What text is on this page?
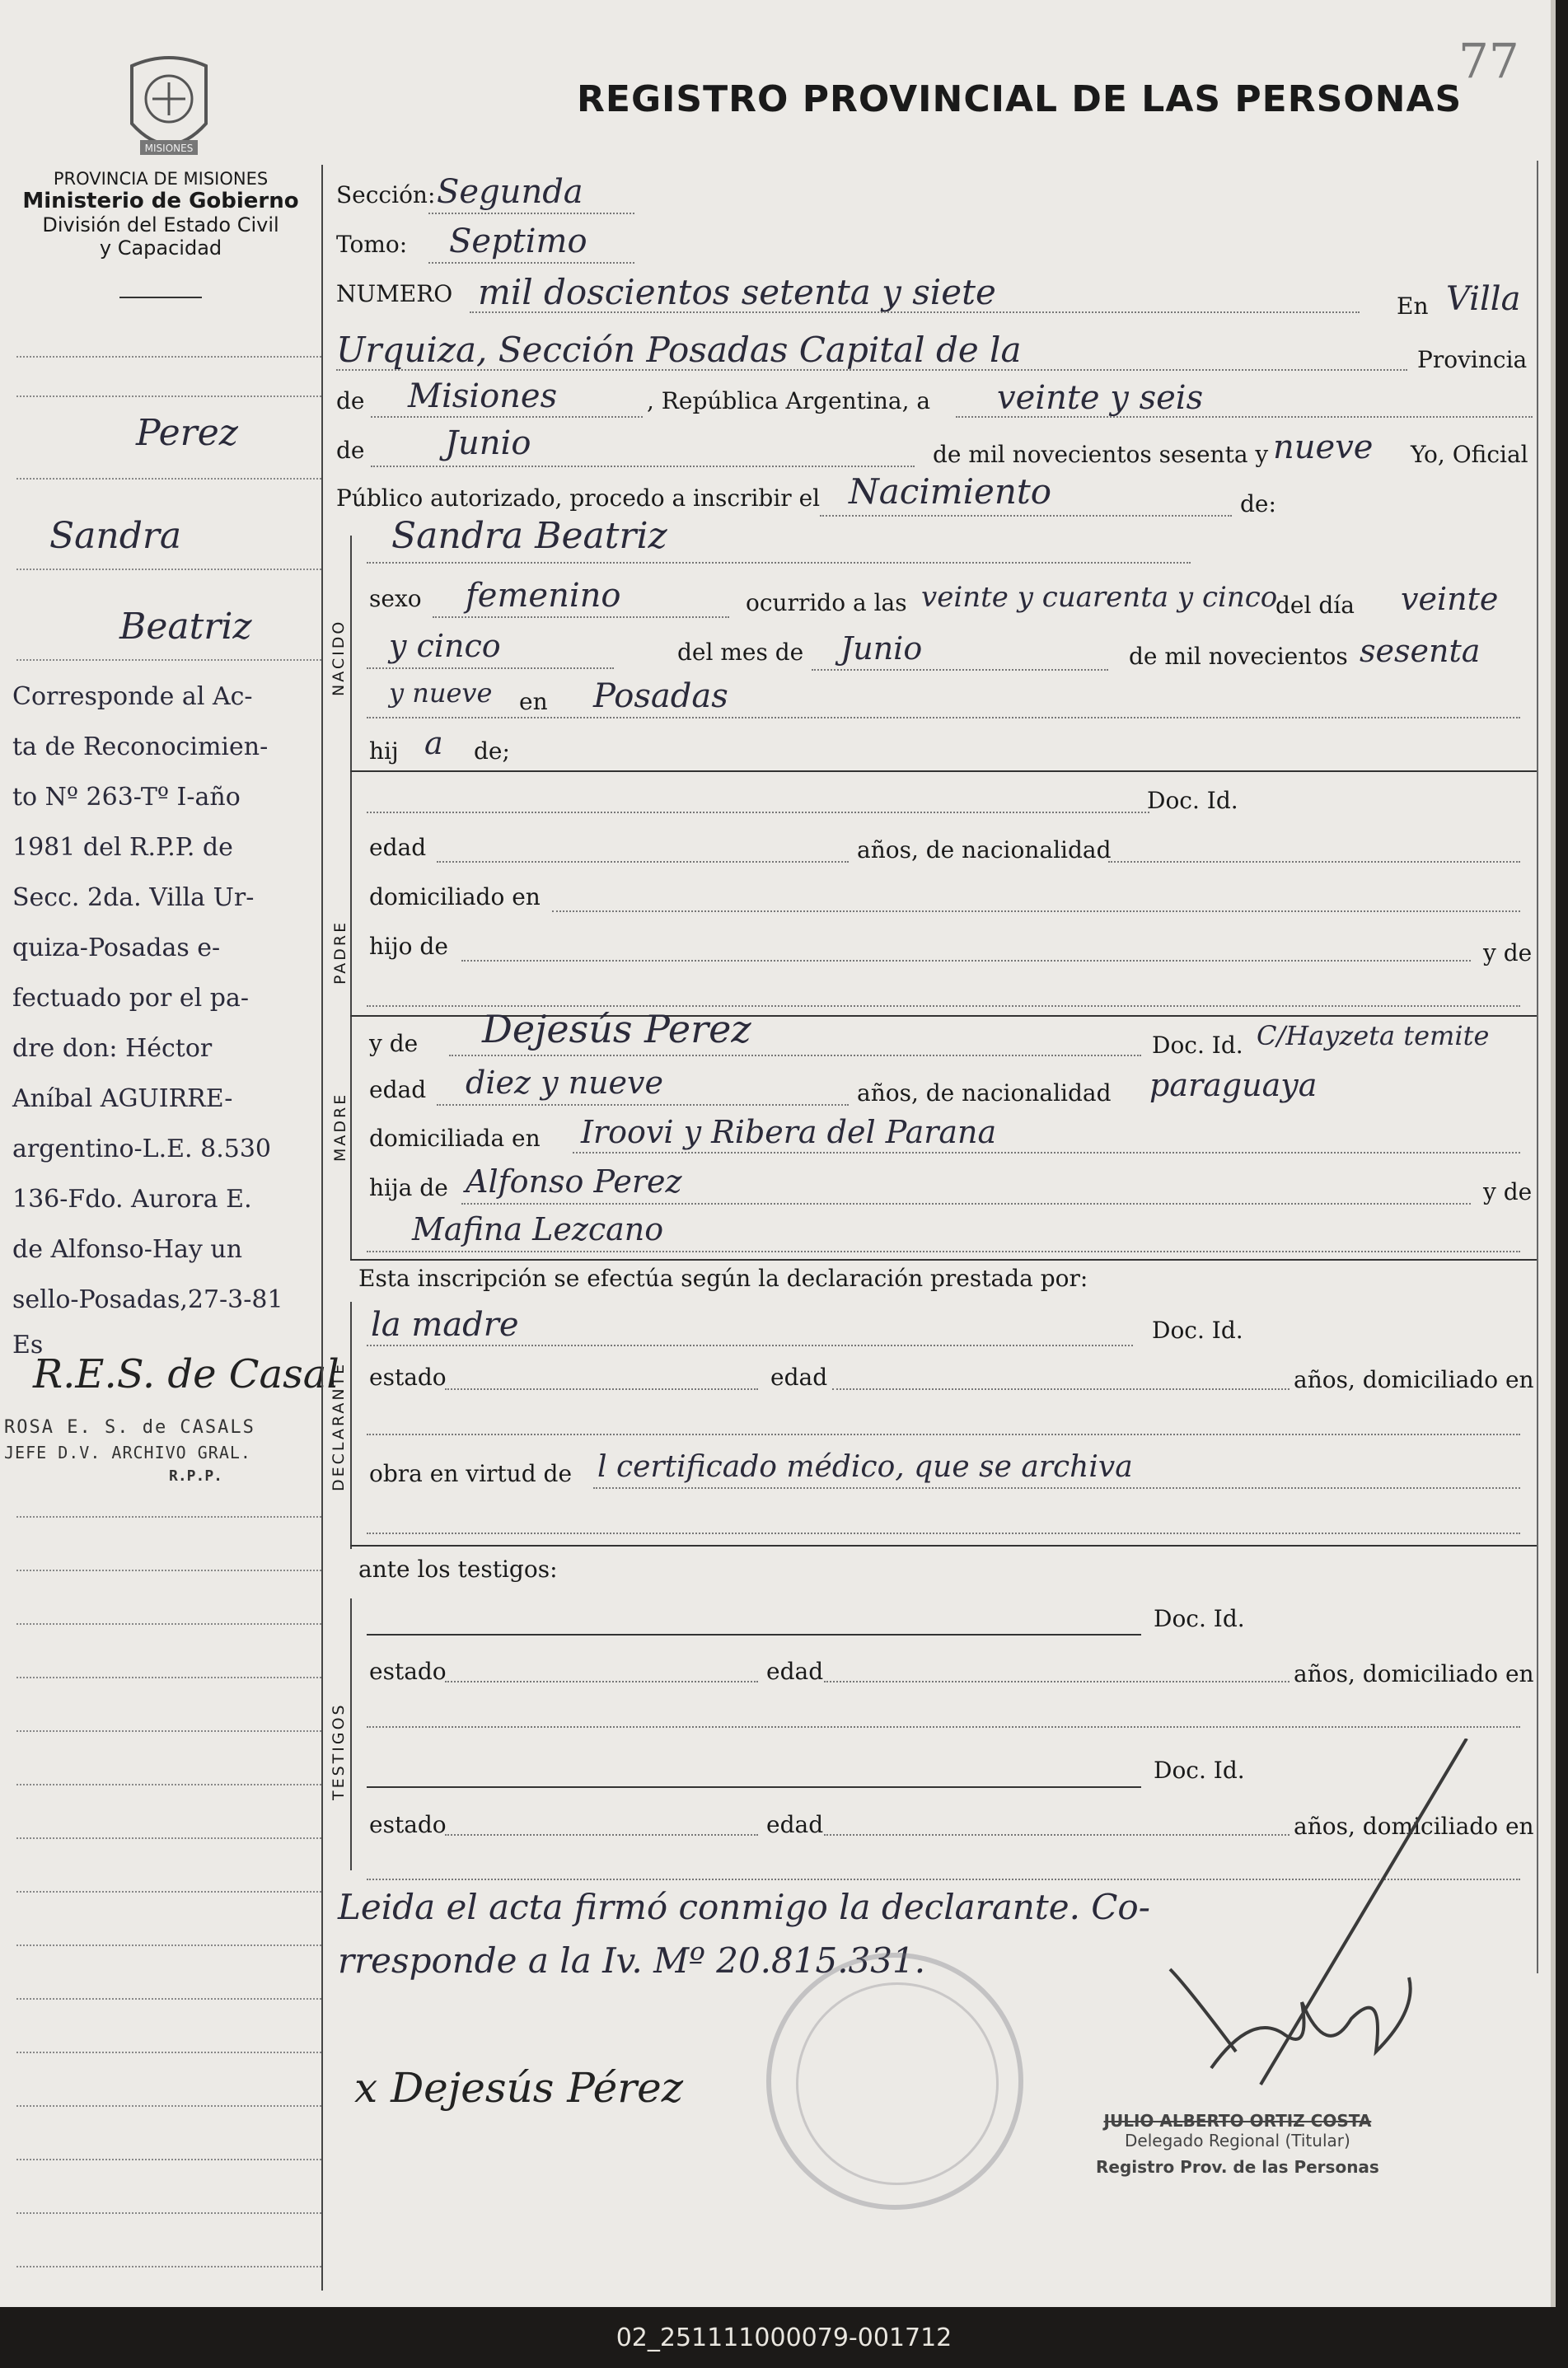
77
MISIONES
REGISTRO PROVINCIAL DE LAS PERSONAS
PROVINCIA DE MISIONES
Ministerio de Gobierno
División del Estado Civil
y Capacidad
Perez
Sandra
Beatriz
Corresponde al Ac-
ta de Reconocimien-
to Nº 263-Tº I-año
1981 del R.P.P. de
Secc. 2da. Villa Ur-
quiza-Posadas e-
fectuado por el pa-
dre don: Héctor
Aníbal AGUIRRE-
argentino-L.E. 8.530
136-Fdo. Aurora E.
de Alfonso-Hay un
sello-Posadas,27-3-81
Es
R.E.S. de Casal
ROSA E. S. de CASALS
JEFE D.V. ARCHIVO GRAL.
R.P.P.
Sección: Segunda
Tomo: Septimo
NUMERO mil doscientos setenta y siete	En Villa
Urquiza, Sección Posadas Capital de la	Provincia
de Misiones	, República Argentina, a veinte y seis
de Junio	de mil novecientos sesenta y nueve Yo, Oficial
Público autorizado, procedo a inscribir el Nacimiento	de:
Sandra Beatriz
NACIDO
sexo femenino	ocurrido a las veinte y cuarenta y cinco
del día veinte
y cinco	del mes de Junio	de mil novecientos sesenta
y nueve en Posadas
hij a de;
PADRE
Doc. Id.
edad	años, de nacionalidad
domiciliado en
hijo de	y de
MADRE
y de Dejesús Perez	Doc. Id. C/Hayzeta temite
edad diez y nueve	años, de nacionalidad paraguaya
domiciliada en Iroovi y Ribera del Parana
hija de Alfonso Perez	y de
Mafina Lezcano
Esta inscripción se efectúa según la declaración prestada por:
DECLARANTE
la madre	Doc. Id.
estado	edad	años, domiciliado en
obra en virtud de l certificado médico, que se archiva
ante los testigos:
TESTIGOS
Doc. Id.
estado	edad	años, domiciliado en
Doc. Id.
estado	edad	años, domiciliado en
Leida el acta firmó conmigo la declarante. Co-
rresponde a la Iv. Mº 20.815.331.
x Dejesús Pérez
JULIO ALBERTO ORTIZ COSTA
Delegado Regional (Titular)
Registro Prov. de las Personas
02_251111000079-001712
